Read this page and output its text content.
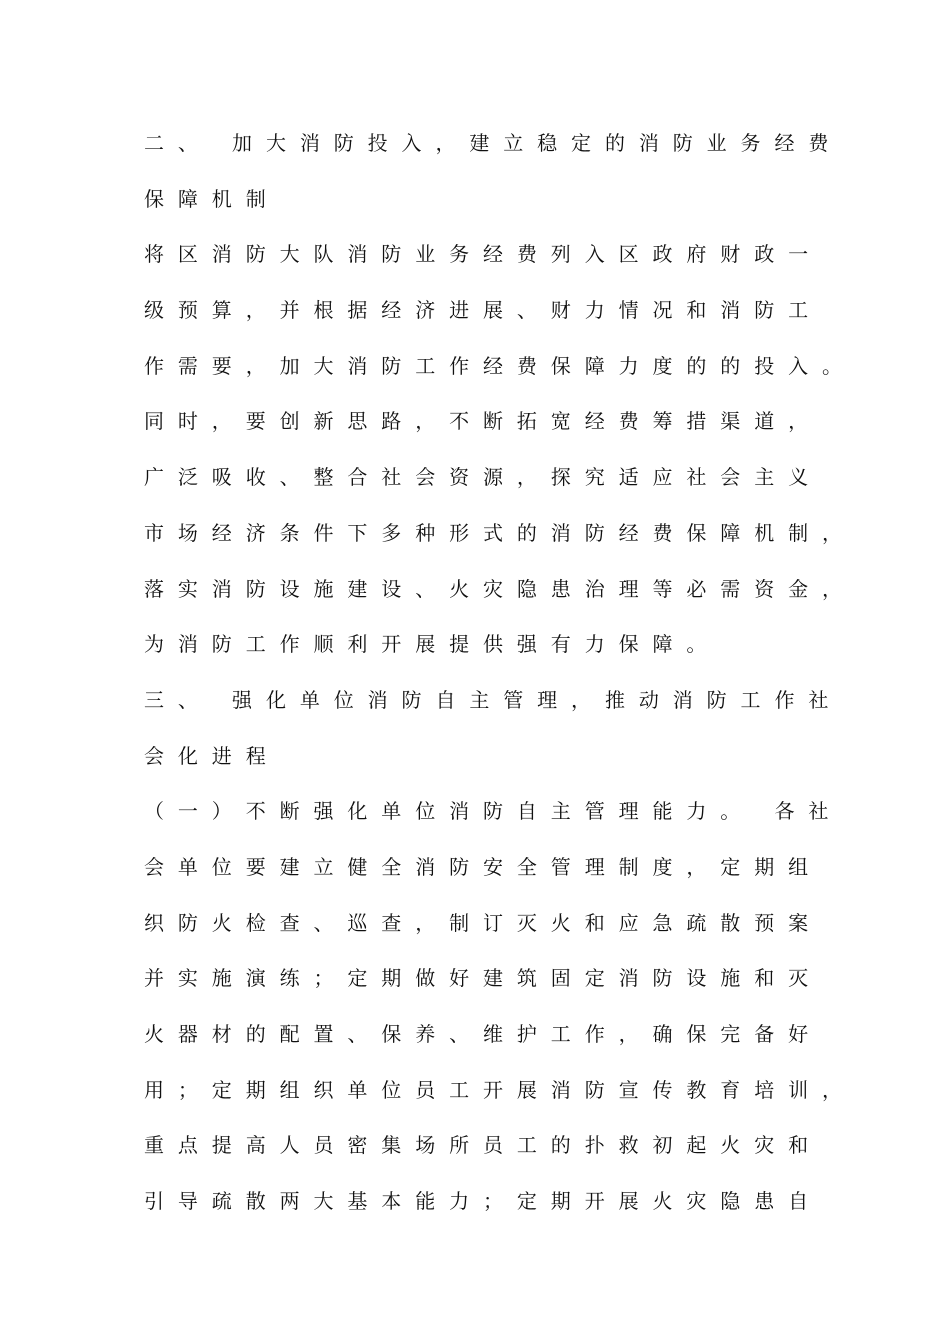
二、 加大消防投入，建立稳定的消防业务经费
保障机制
将区消防大队消防业务经费列入区政府财政一
级预算，并根据经济进展、财力情况和消防工
作需要，加大消防工作经费保障力度的的投入。
同时，要创新思路，不断拓宽经费筹措渠道，
广泛吸收、整合社会资源，探究适应社会主义
市场经济条件下多种形式的消防经费保障机制，
落实消防设施建设、火灾隐患治理等必需资金，
为消防工作顺利开展提供强有力保障。
三、 强化单位消防自主管理，推动消防工作社
会化进程
（一）不断强化单位消防自主管理能力。 各社
会单位要建立健全消防安全管理制度，定期组
织防火检查、巡查，制订灭火和应急疏散预案
并实施演练；定期做好建筑固定消防设施和灭
火器材的配置、保养、维护工作，确保完备好
用；定期组织单位员工开展消防宣传教育培训，
重点提高人员密集场所员工的扑救初起火灾和
引导疏散两大基本能力；定期开展火灾隐患自
